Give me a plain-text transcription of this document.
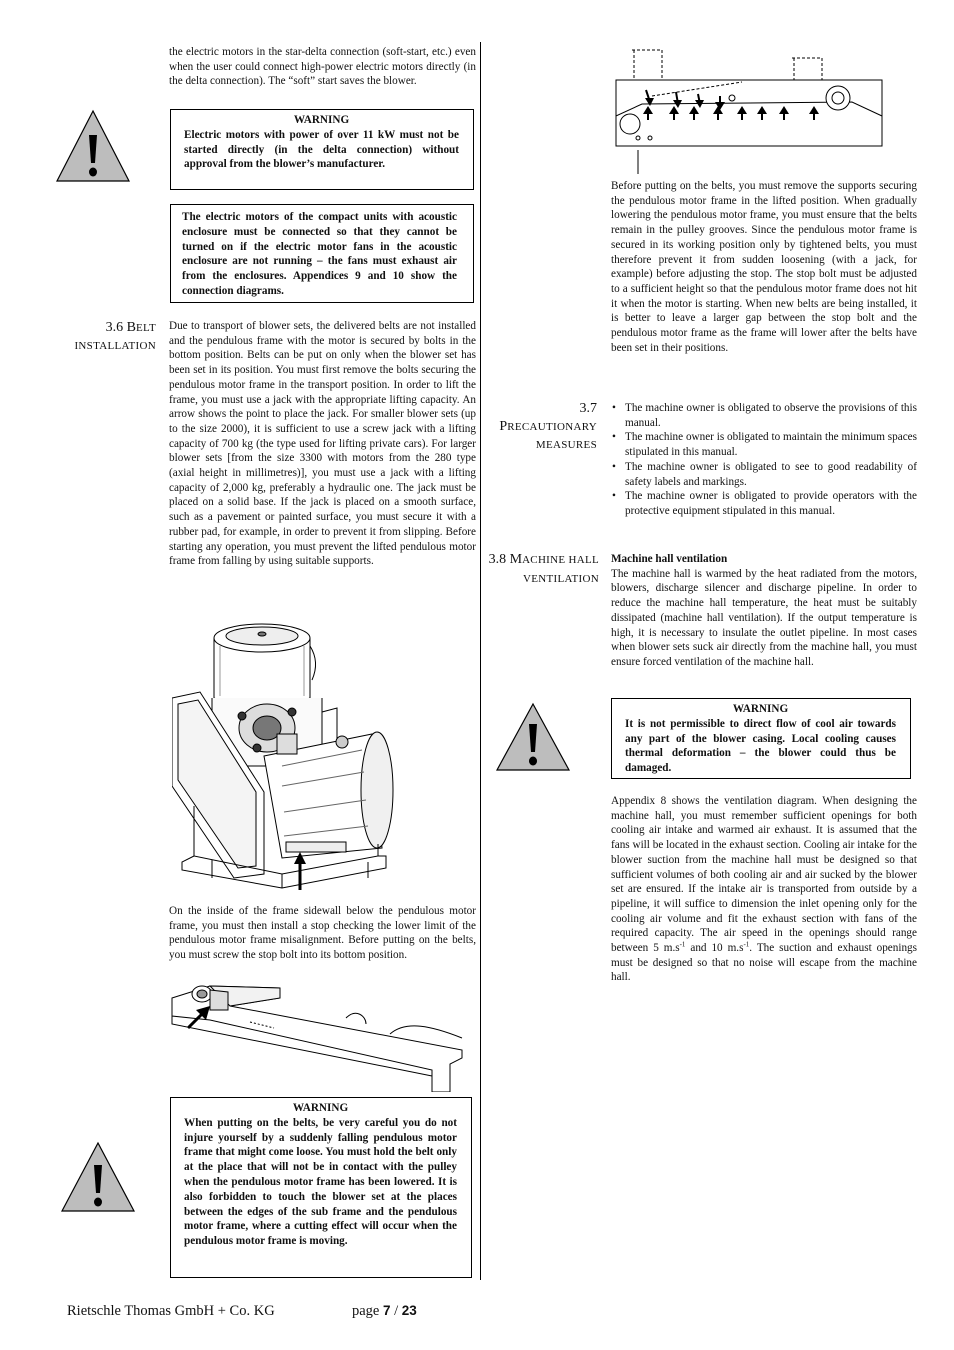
the electric motors in the star-delta connection (soft-start, etc.) even when the user could connect high-power electric motors directly (in the delta connection). The “soft” start saves the blower.
WARNING
Electric motors with power of over 11 kW must not be started directly (in the delta connection) without approval from the blower’s manufacturer.
The electric motors of the compact units with acoustic enclosure must be connected so that they cannot be turned on if the electric motor fans in the acoustic enclosure are not running – the fans must exhaust air from the enclosures. Appendices 9 and 10 show the connection diagrams.
3.6 BELT
INSTALLATION
Due to transport of blower sets, the delivered belts are not installed and the pendulous frame with the motor is secured by bolts in the bottom position. Belts can be put on only when the blower set has been set in its position. You must first remove the bolts securing the pendulous motor frame in the transport position. In order to lift the frame, you must use a jack with the appropriate lifting capacity. An arrow shows the point to place the jack. For smaller blower sets (up to the size 2000), it is sufficient to use a screw jack with a lifting capacity of 700 kg (the type used for lifting private cars). For larger blower sets [from the size 3300 with motors from the 280 type (axial height in millimetres)], you must use a jack with a lifting capacity of 2,000 kg, preferably a hydraulic one. The jack must be placed on a solid base. If the jack is placed on a smooth surface, such as a pavement or painted surface, you must secure it with a rubber pad, for example, in order to prevent it from slipping. Before starting any operation, you must prevent the lifted pendulous motor frame from falling by using suitable supports.
On the inside of the frame sidewall below the pendulous motor frame, you must then install a stop checking the lower limit of the pendulous motor frame misalignment. Before putting on the belts, you must screw the stop bolt into its bottom position.
WARNING
When putting on the belts, be very careful you do not injure yourself by a suddenly falling pendulous motor frame that might come loose. You must hold the belt only at the place that will not be in contact with the pulley when the pendulous motor frame has been lowered. It is also forbidden to touch the blower set at the places between the edges of the sub frame and the pendulous motor frame, where a cutting effect will occur when the pendulous motor frame is moving.
Before putting on the belts, you must remove the supports securing the pendulous motor frame in the lifted position. When gradually lowering the pendulous motor frame, you must ensure that the belts remain in the pulley grooves. Since the pendulous motor frame is secured in its working position only by tightened belts, you must therefore prevent it from sudden loosening (with a jack, for example) before adjusting the stop. The stop bolt must be adjusted to a sufficient height so that the pendulous motor frame does not hit it when the motor is starting. When new belts are being installed, it is better to leave a larger gap between the stop bolt and the pendulous motor frame as the frame will lower after the belts have been set in their positions.
3.7
PRECAUTIONARY
MEASURES
• The machine owner is obligated to observe the provisions of this manual.
• The machine owner is obligated to maintain the minimum spaces stipulated in this manual.
• The machine owner is obligated to see to good readability of safety labels and markings.
• The machine owner is obligated to provide operators with the protective equipment stipulated in this manual.
3.8 MACHINE HALL
VENTILATION
Machine hall ventilation
The machine hall is warmed by the heat radiated from the motors, blowers, discharge silencer and discharge pipeline. In order to reduce the machine hall temperature, the heat must be suitably dissipated (machine hall ventilation). If the output temperature is high, it is necessary to insulate the outlet pipeline. In most cases when blower sets suck air directly from the machine hall, you must ensure forced ventilation of the machine hall.
WARNING
It is not permissible to direct flow of cool air towards any part of the blower casing. Local cooling causes thermal deformation – the blower could thus be damaged.
Appendix 8 shows the ventilation diagram. When designing the machine hall, you must remember sufficient openings for both cooling air intake and warmed air exhaust. It is assumed that the fans will be located in the exhaust section. Cooling air intake for the blower suction from the machine hall must be designed so that sufficient volumes of both cooling air and air sucked by the blower set are ensured. If the intake air is transported from outside by a pipeline, it will suffice to dimension the inlet opening only for the cooling air volume and fit the exhaust section with fans of the required capacity. The air speed in the openings should range between 5 $m.s^{-1}$ and 10 $m.s^{-1}$. The suction and exhaust openings must be designed so that no noise will escape from the machine hall.
Rietschle Thomas GmbH + Co. KG	page 7 / 23
